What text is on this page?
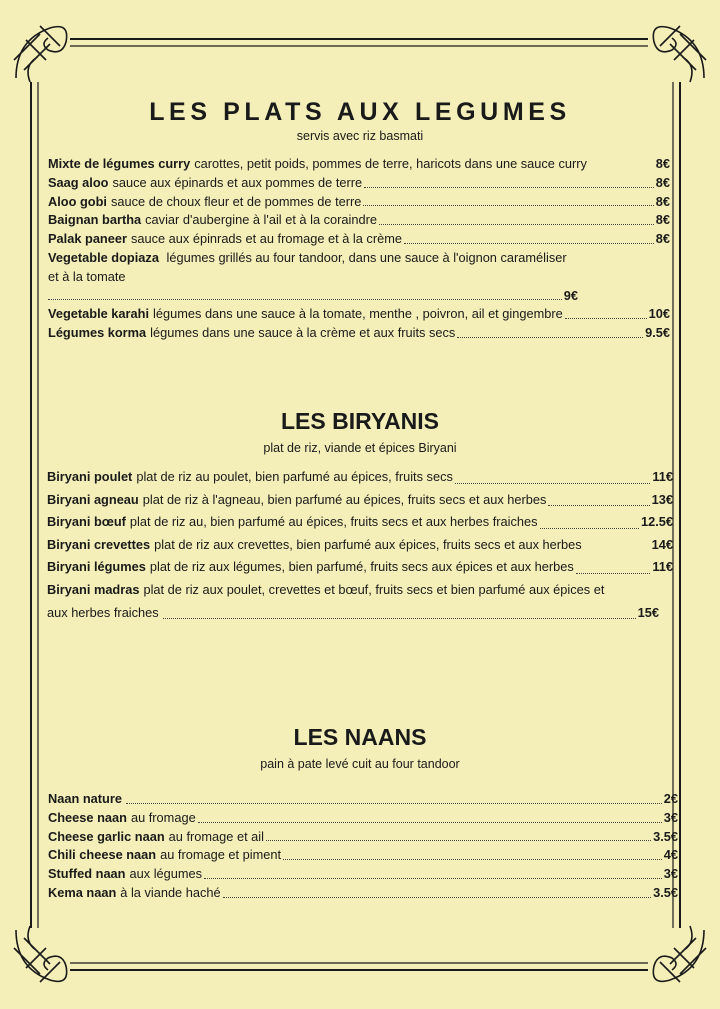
LES PLATS AUX LEGUMES
servis avec riz basmati
Mixte de légumes curry carottes, petit poids, pommes de terre, haricots dans une sauce curry	8€
Saag aloo sauce aux épinards et aux pommes de terre	8€
Aloo gobi sauce de choux fleur et de pommes de terre	8€
Baignan bartha caviar d'aubergine à l'ail et à la coraindre	8€
Palak paneer sauce aux épinrads et au fromage et à la crème	8€
Vegetable dopiaza légumes grillés au four tandoor, dans une sauce à l'oignon caraméliser
et à la tomate
9€
Vegetable karahi légumes dans une sauce à la tomate, menthe , poivron, ail et gingembre	10€
Légumes korma légumes dans une sauce à la crème et aux fruits secs	9.5€
LES BIRYANIS
plat de riz, viande et épices Biryani
Biryani poulet plat de riz au poulet, bien parfumé au épices, fruits secs	11€
Biryani agneau plat de riz à l'agneau, bien parfumé au épices, fruits secs et aux herbes	13€
Biryani bœuf plat de riz au, bien parfumé au épices, fruits secs et aux herbes fraiches	12.5€
Biryani crevettes plat de riz aux crevettes, bien parfumé aux épices, fruits secs et aux herbes	14€
Biryani légumes plat de riz aux légumes, bien parfumé, fruits secs aux épices et aux herbes	11€
Biryani madras plat de riz aux poulet, crevettes et bœuf, fruits secs et bien parfumé aux épices et
aux herbes fraiches	15€
LES NAANS
pain à pate levé cuit au four tandoor
Naan nature	2€
Cheese naan au fromage	3€
Cheese garlic naan au fromage et ail	3.5€
Chili cheese naan au fromage et piment	4€
Stuffed naan aux légumes	3€
Kema naan à la viande haché	3.5€
